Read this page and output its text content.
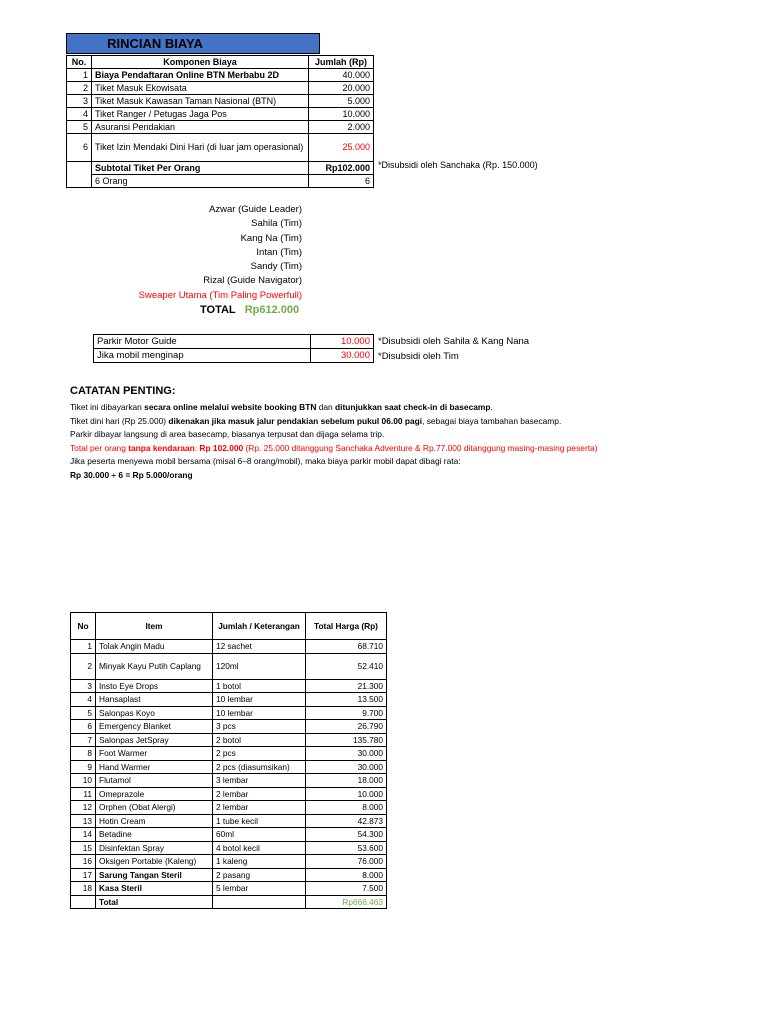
RINCIAN BIAYA
No.	Komponen Biaya	Jumlah (Rp)
1	Biaya Pendaftaran Online BTN Merbabu 2D	40.000
2	Tiket Masuk Ekowisata	20.000
3	Tiket Masuk Kawasan Taman Nasional (BTN)	5.000
4	Tiket Ranger / Petugas Jaga Pos	10.000
5	Asuransi Pendakian	2.000
6	Tiket Izin Mendaki Dini Hari (di luar jam operasional)	25.000
	Subtotal Tiket Per Orang	Rp102.000
	6 Orang	6
*Disubsidi oleh Sanchaka (Rp. 150.000)
Azwar (Guide Leader)
Sahila (Tim)
Kang Na (Tim)
Intan (Tim)
Sandy (Tim)
Rizal (Guide Navigator)
Sweaper Utama (Tim Paling Powerfull)
TOTAL Rp612.000
Parkir Motor Guide	10.000
Jika mobil menginap	30.000
*Disubsidi oleh Sahila & Kang Nana
*Disubsidi oleh Tim
CATATAN PENTING:
Tiket ini dibayarkan secara online melalui website booking BTN dan ditunjukkan saat check-in di basecamp.
Tiket dini hari (Rp 25.000) dikenakan jika masuk jalur pendakian sebelum pukul 06.00 pagi, sebagai biaya tambahan basecamp.
Parkir dibayar langsung di area basecamp, biasanya terpusat dan dijaga selama trip.
Total per orang tanpa kendaraan: Rp 102.000 (Rp. 25.000 ditanggung Sanchaka Adventure & Rp.77.000 ditanggung masing-masing peserta)
Jika peserta menyewa mobil bersama (misal 6–8 orang/mobil), maka biaya parkir mobil dapat dibagi rata:
Rp 30.000 ÷ 6 = Rp 5.000/orang
No	Item	Jumlah / Keterangan	Total Harga (Rp)
1	Tolak Angin Madu	12 sachet	68.710
2	Minyak Kayu Putih Caplang	120ml	52.410
3	Insto Eye Drops	1 botol	21.300
4	Hansaplast	10 lembar	13.500
5	Salonpas Koyo	10 lembar	9.700
6	Emergency Blanket	3 pcs	26.790
7	Salonpas JetSpray	2 botol	135.780
8	Foot Warmer	2 pcs	30.000
9	Hand Warmer	2 pcs (diasumsikan)	30.000
10	Flutamol	3 lembar	18.000
11	Omeprazole	2 lembar	10.000
12	Orphen (Obat Alergi)	2 lembar	8.000
13	Hotin Cream	1 tube kecil	42.873
14	Betadine	60ml	54.300
15	Disinfektan Spray	4 botol kecil	53.600
16	Oksigen Portable (Kaleng)	1 kaleng	76.000
17	Sarung Tangan Steril	2 pasang	8.000
18	Kasa Steril	5 lembar	7.500
	Total		Rp666.463
